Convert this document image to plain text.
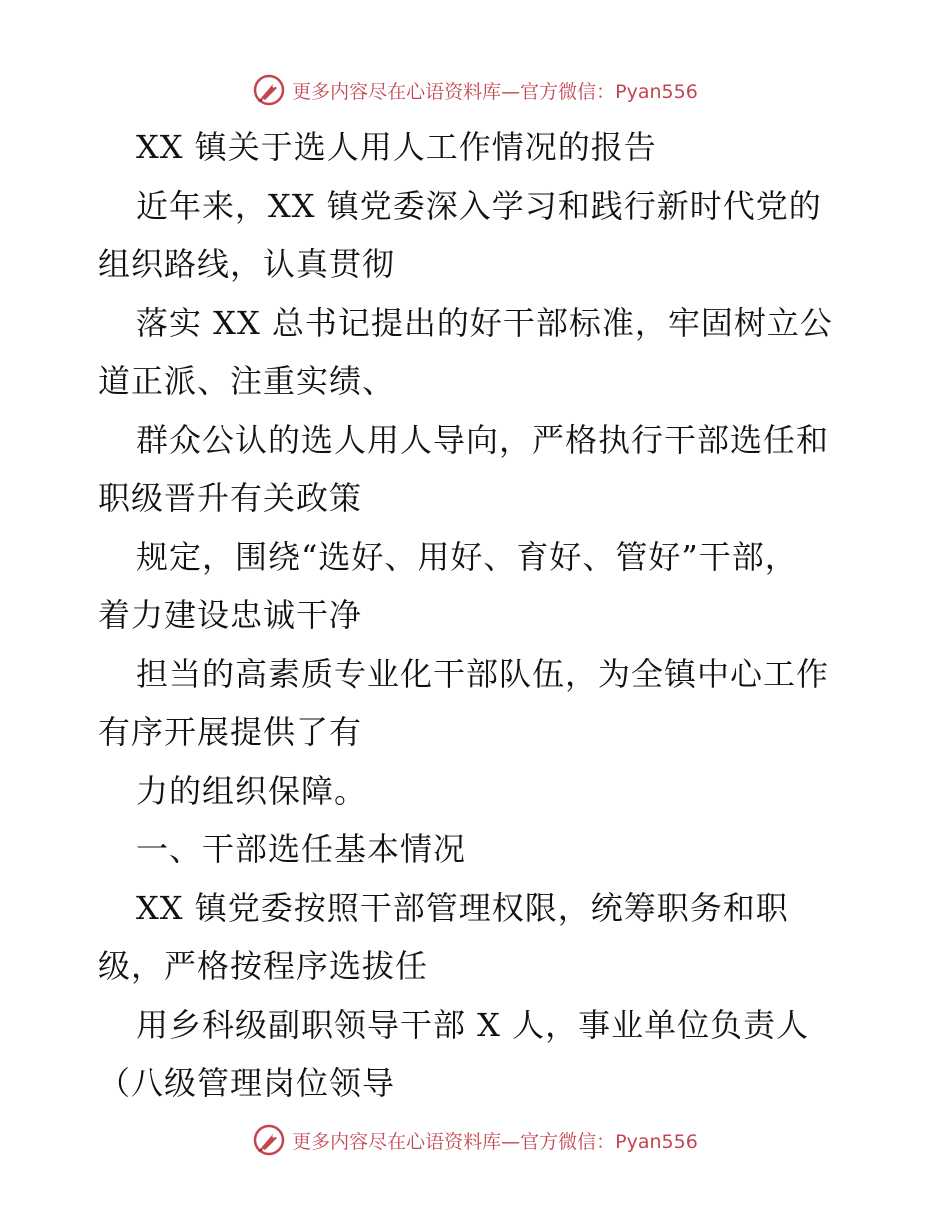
更多内容尽在心语资料库—官方微信：Pyan556
XX 镇关于选人用人工作情况的报告
近年来，XX 镇党委深入学习和践行新时代党的
组织路线，认真贯彻
落实 XX 总书记提出的好干部标准，牢固树立公
道正派、注重实绩、
群众公认的选人用人导向，严格执行干部选任和
职级晋升有关政策
规定，围绕“选好、用好、育好、管好”干部，
着力建设忠诚干净
担当的高素质专业化干部队伍，为全镇中心工作
有序开展提供了有
力的组织保障。
一、干部选任基本情况
XX 镇党委按照干部管理权限，统筹职务和职
级，严格按程序选拔任
用乡科级副职领导干部 X 人，事业单位负责人
（八级管理岗位领导
更多内容尽在心语资料库—官方微信：Pyan556
